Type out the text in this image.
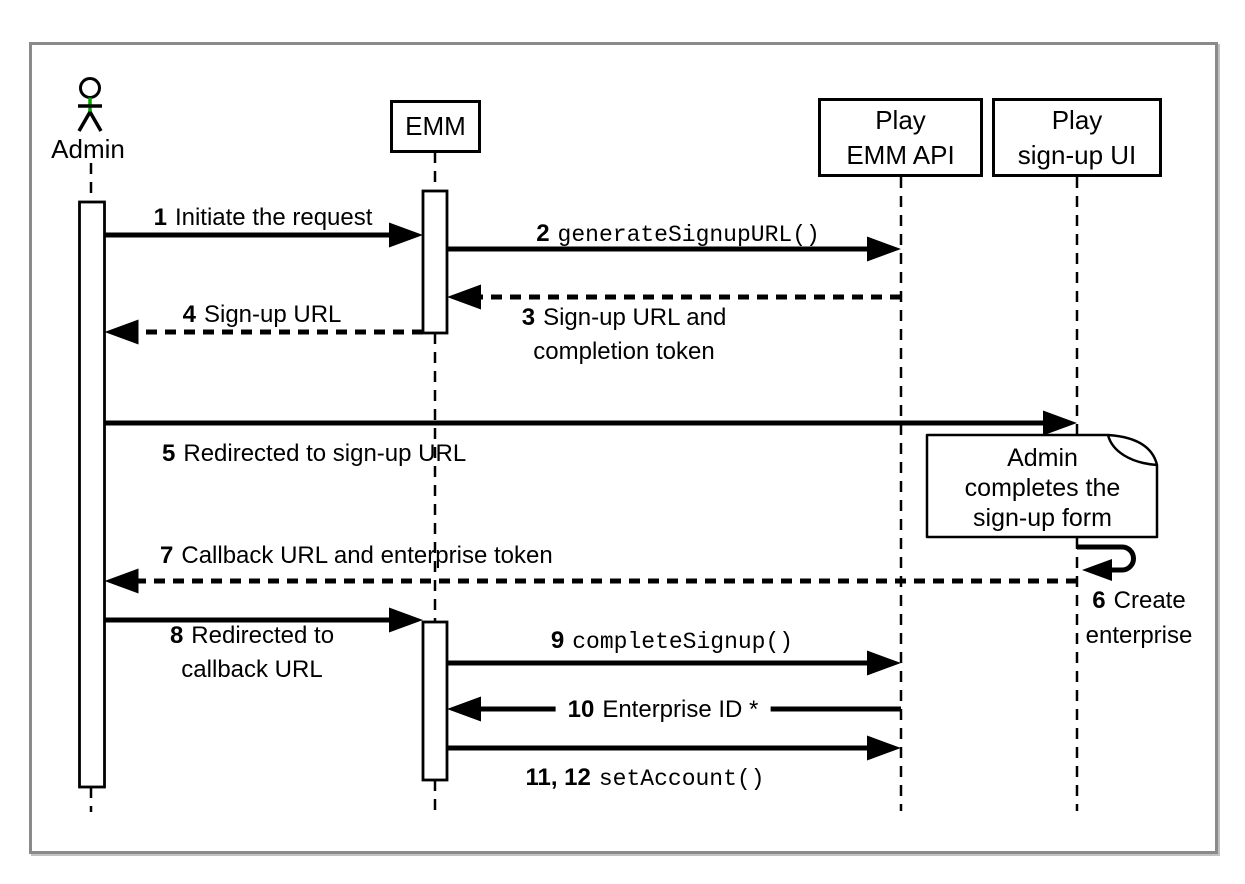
Admin
EMM	Play
EMM API
Play
sign-up UI
Admin
completes the
sign-up form
1 Initiate the request
2 generateSignupURL()
3 Sign-up URL and
completion token
4 Sign-up URL
5 Redirected to sign-up URL
6 Create
enterprise
7 Callback URL and enterprise token
8 Redirected to
callback URL
9 completeSignup()
10 Enterprise ID *
11, 12 setAccount()
